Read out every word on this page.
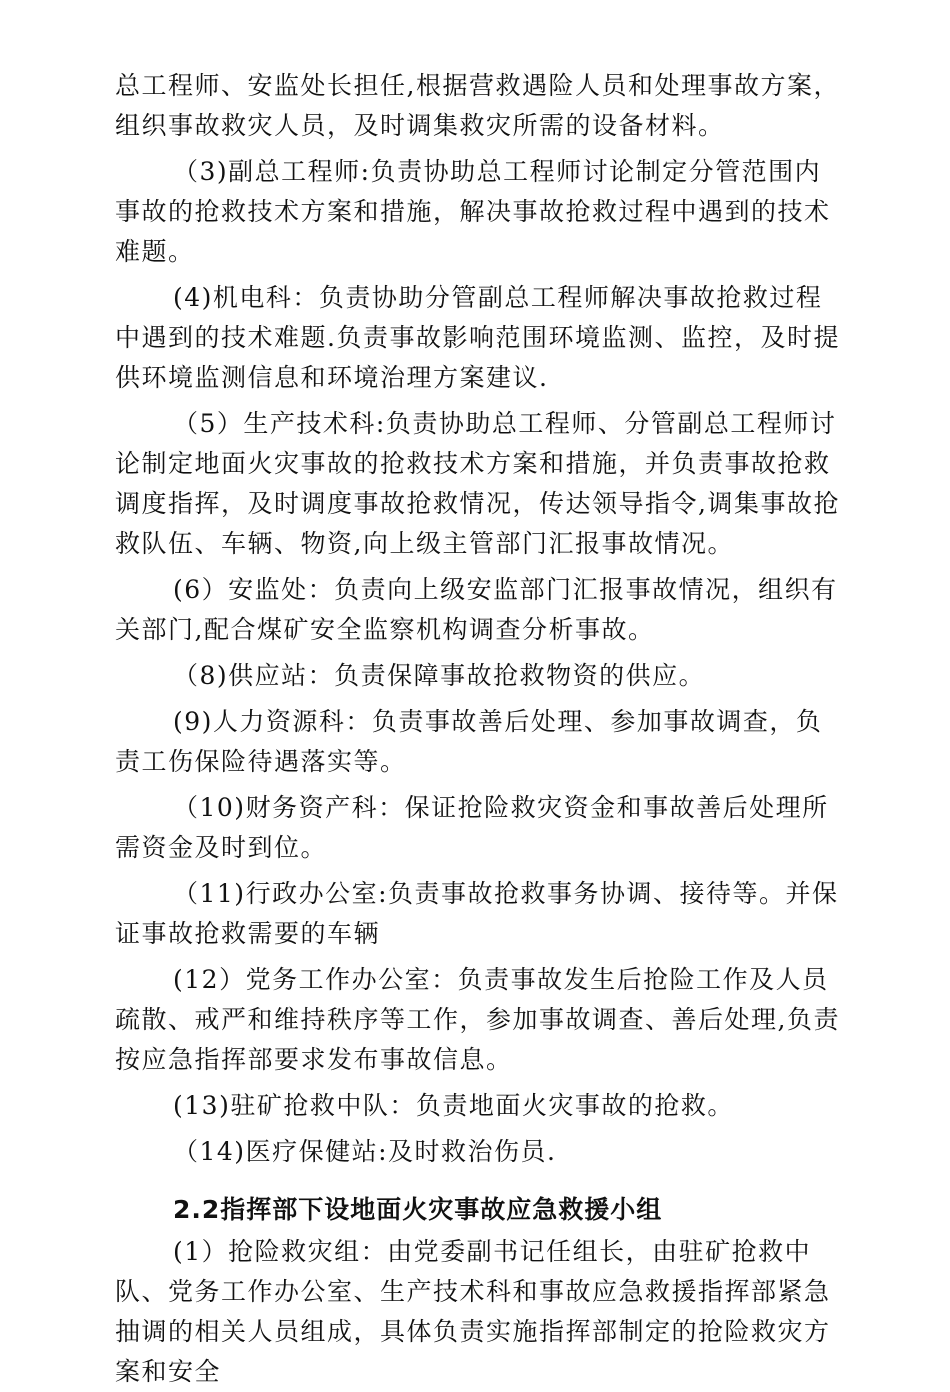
总工程师、安监处长担任,根据营救遇险人员和处理事故方案，组织事故救灾人员，及时调集救灾所需的设备材料。

（3)副总工程师:负责协助总工程师讨论制定分管范围内事故的抢救技术方案和措施，解决事故抢救过程中遇到的技术难题。

(4)机电科：负责协助分管副总工程师解决事故抢救过程中遇到的技术难题.负责事故影响范围环境监测、监控，及时提供环境监测信息和环境治理方案建议.

（5）生产技术科:负责协助总工程师、分管副总工程师讨论制定地面火灾事故的抢救技术方案和措施，并负责事故抢救调度指挥，及时调度事故抢救情况，传达领导指令,调集事故抢救队伍、车辆、物资,向上级主管部门汇报事故情况。

(6）安监处：负责向上级安监部门汇报事故情况，组织有关部门,配合煤矿安全监察机构调查分析事故。

（8)供应站：负责保障事故抢救物资的供应。

(9)人力资源科：负责事故善后处理、参加事故调查，负责工伤保险待遇落实等。

（10)财务资产科：保证抢险救灾资金和事故善后处理所需资金及时到位。

（11)行政办公室:负责事故抢救事务协调、接待等。并保证事故抢救需要的车辆

(12）党务工作办公室：负责事故发生后抢险工作及人员疏散、戒严和维持秩序等工作，参加事故调查、善后处理,负责按应急指挥部要求发布事故信息。

(13)驻矿抢救中队：负责地面火灾事故的抢救。

（14)医疗保健站:及时救治伤员.

2.2指挥部下设地面火灾事故应急救援小组

(1）抢险救灾组：由党委副书记任组长，由驻矿抢救中队、党务工作办公室、生产技术科和事故应急救援指挥部紧急抽调的相关人员组成，具体负责实施指挥部制定的抢险救灾方案和安全
